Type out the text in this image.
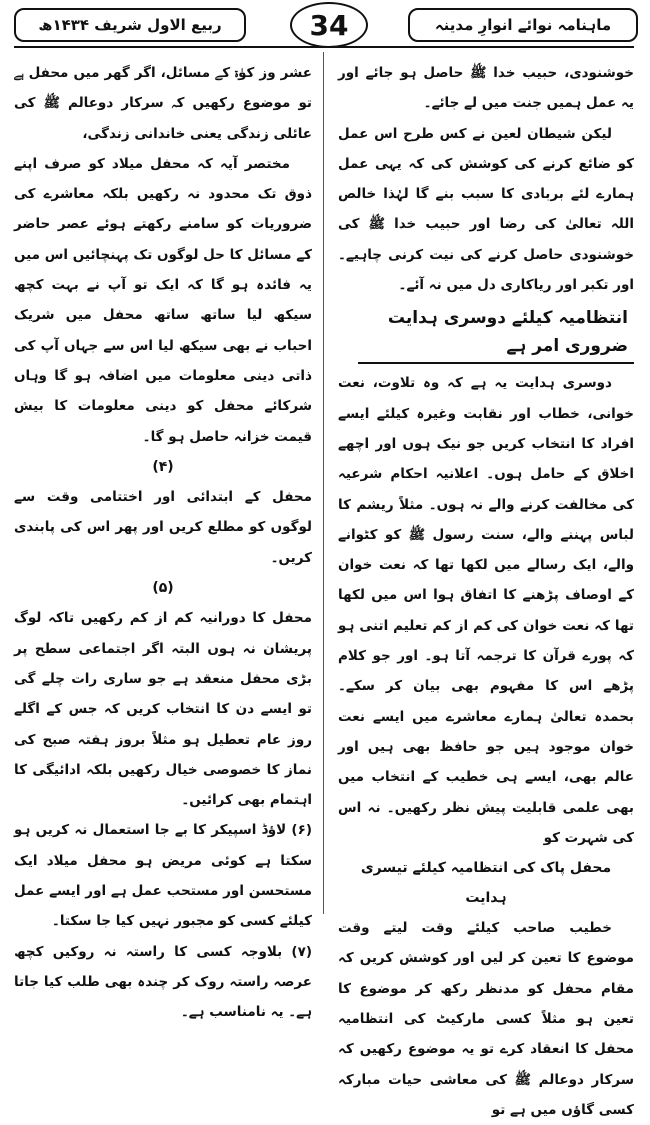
ربیع الاول شریف ۱۴۳۴ھ	34	ماہنامہ نوائے انوارِ مدینہ

خوشنودی، حبیب خدا ﷺ حاصل ہو جائے اور یہ عمل ہمیں جنت میں لے جائے۔

لیکن شیطان لعین نے کس طرح اس عمل کو ضائع کرنے کی کوشش کی کہ یہی عمل ہمارے لئے بربادی کا سبب بنے گا لہٰذا خالص اللہ تعالیٰ کی رضا اور حبیب خدا ﷺ کی خوشنودی حاصل کرنے کی نیت کرنی چاہیے۔ اور تکبر اور ریاکاری دل میں نہ آئے۔

انتظامیہ کیلئے دوسری ہدایت ضروری امر ہے

دوسری ہدایت یہ ہے کہ وہ تلاوت، نعت خوانی، خطاب اور نقابت وغیرہ کیلئے ایسے افراد کا انتخاب کریں جو نیک ہوں اور اچھے اخلاق کے حامل ہوں۔ اعلانیہ احکام شرعیہ کی مخالفت کرنے والے نہ ہوں۔ مثلاً ریشم کا لباس پہننے والے، سنت رسول ﷺ کو کٹوانے والے، ایک رسالے میں لکھا تھا کہ نعت خوان کے اوصاف پڑھنے کا اتفاق ہوا اس میں لکھا تھا کہ نعت خوان کی کم از کم تعلیم اتنی ہو کہ پورے قرآن کا ترجمہ آتا ہو۔ اور جو کلام پڑھے اس کا مفہوم بھی بیان کر سکے۔ بحمدہ تعالیٰ ہمارے معاشرے میں ایسے نعت خوان موجود ہیں جو حافظ بھی ہیں اور عالم بھی، ایسے ہی خطیب کے انتخاب میں بھی علمی قابلیت پیش نظر رکھیں۔ نہ اس کی شہرت کو

محفل پاک کی انتظامیہ کیلئے تیسری ہدایت

خطیب صاحب کیلئے وقت لیتے وقت موضوع کا تعین کر لیں اور کوشش کریں کہ مقام محفل کو مدنظر رکھ کر موضوع کا تعین ہو مثلاً کسی مارکیٹ کی انتظامیہ محفل کا انعقاد کرے تو یہ موضوع رکھیں کہ سرکار دوعالم ﷺ کی معاشی حیات مبارکہ کسی گاؤں میں ہے تو

عشر وز کوٰۃ کے مسائل، اگر گھر میں محفل ہے تو موضوع رکھیں کہ سرکار دوعالم ﷺ کی عائلی زندگی یعنی خاندانی زندگی،

مختصر آیہ کہ محفل میلاد کو صرف اپنے ذوق تک محدود نہ رکھیں بلکہ معاشرے کی ضروریات کو سامنے رکھتے ہوئے عصر حاضر کے مسائل کا حل لوگوں تک پہنچائیں اس میں یہ فائدہ ہو گا کہ ایک تو آپ نے بہت کچھ سیکھ لیا ساتھ ساتھ محفل میں شریک احباب نے بھی سیکھ لیا اس سے جہاں آپ کی ذاتی دینی معلومات میں اضافہ ہو گا وہاں شرکائے محفل کو دینی معلومات کا بیش قیمت خزانہ حاصل ہو گا۔

(۴)

محفل کے ابتدائی اور اختتامی وقت سے لوگوں کو مطلع کریں اور پھر اس کی پابندی کریں۔

(۵)

محفل کا دورانیہ کم از کم رکھیں تاکہ لوگ پریشان نہ ہوں البتہ اگر اجتماعی سطح پر بڑی محفل منعقد ہے جو ساری رات چلے گی تو ایسے دن کا انتخاب کریں کہ جس کے اگلے روز عام تعطیل ہو مثلاً بروز ہفتہ صبح کی نماز کا خصوصی خیال رکھیں بلکہ ادائیگی کا اہتمام بھی کرائیں۔

(۶) لاؤڈ اسپیکر کا بے جا استعمال نہ کریں ہو سکتا ہے کوئی مریض ہو محفل میلاد ایک مستحسن اور مستحب عمل ہے اور ایسے عمل کیلئے کسی کو مجبور نہیں کیا جا سکتا۔

(۷) بلاوجہ کسی کا راستہ نہ روکیں کچھ عرصہ راستہ روک کر چندہ بھی طلب کیا جاتا ہے۔ یہ نامناسب ہے۔
